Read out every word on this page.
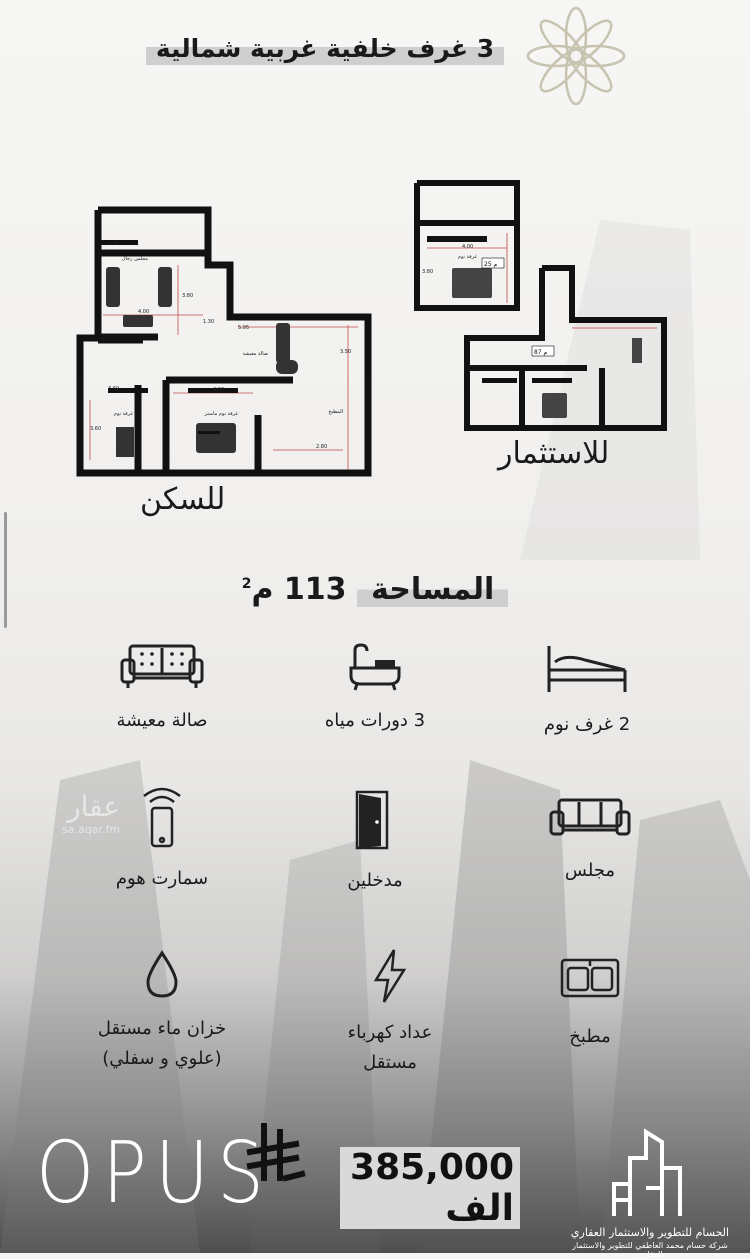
3 غرف خلفية غربية شمالية
مجلس رجال
صالة معيشة
المطبخ
غرفة نوم	غرفة نوم ماستر
1.60
3.80
4.00
1.30
5.95
3.50
3.60	4.00
3.60
2.80
للسكن
4.00
3.80
غرفة نوم
25 م
87 م
للاستثمار
المساحة 113 م$^2$
صالة معيشة	3 دورات مياه	2 غرف نوم
سمارت هوم	مدخلين	مجلس
خزان ماء مستقل
(علوي و سفلي)
عداد كهرباء
مستقل
مطبخ
عقار
sa.aqar.fm
OPUS 385,000 الف
الحسام للتطوير والاستثمار العقاري
شركة حسام محمد العاطفي للتطوير والاستثمار العقاري
